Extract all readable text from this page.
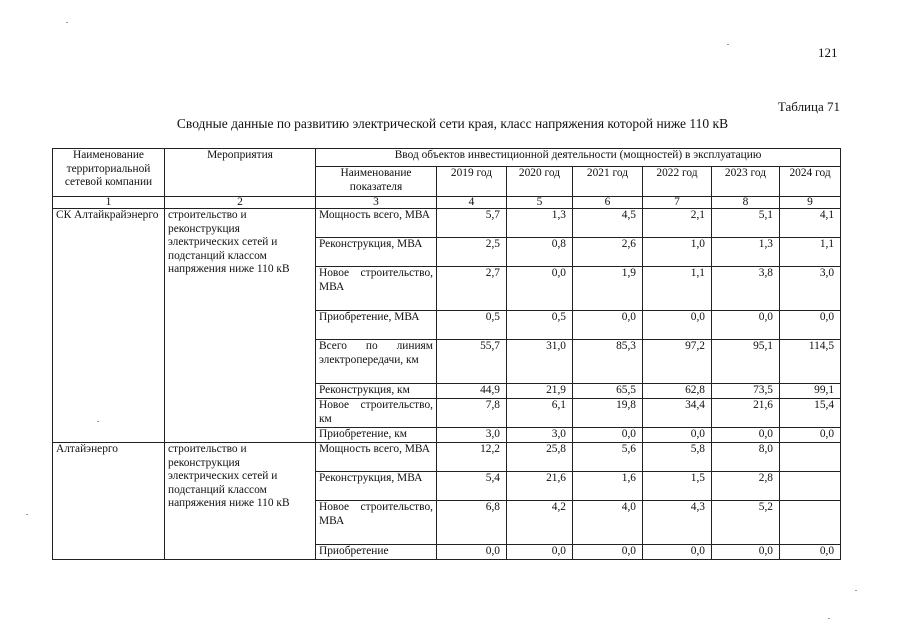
121
Таблица 71
Сводные данные по развитию электрической сети края, класс напряжения которой ниже 110 кВ
Наименование территориальной сетевой компании	Мероприятия	Ввод объектов инвестиционной деятельности (мощностей) в эксплуатацию						
		Наименование показателя	2019 год	2020 год	2021 год	2022 год	2023 год	2024 год
1	2	3	4	5	6	7	8	9
СК Алтайкрайэнерго	строительство и реконструкция электрических сетей и подстанций классом напряжения ниже 110 кВ	Мощность всего, МВА	5,7	1,3	4,5	2,1	5,1	4,1
		Реконструкция, МВА	2,5	0,8	2,6	1,0	1,3	1,1
		Новое строительство, МВА	2,7	0,0	1,9	1,1	3,8	3,0
		Приобретение, МВА	0,5	0,5	0,0	0,0	0,0	0,0
		Всего по линиям электропередачи, км	55,7	31,0	85,3	97,2	95,1	114,5
		Реконструкция, км	44,9	21,9	65,5	62,8	73,5	99,1
		Новое строительство, км	7,8	6,1	19,8	34,4	21,6	15,4
		Приобретение, км	3,0	3,0	0,0	0,0	0,0	0,0
Алтайэнерго	строительство и реконструкция электрических сетей и подстанций классом напряжения ниже 110 кВ	Мощность всего, МВА	12,2	25,8	5,6	5,8	8,0	
		Реконструкция, МВА	5,4	21,6	1,6	1,5	2,8	
		Новое строительство, МВА	6,8	4,2	4,0	4,3	5,2	
		Приобретение	0,0	0,0	0,0	0,0	0,0	0,0
